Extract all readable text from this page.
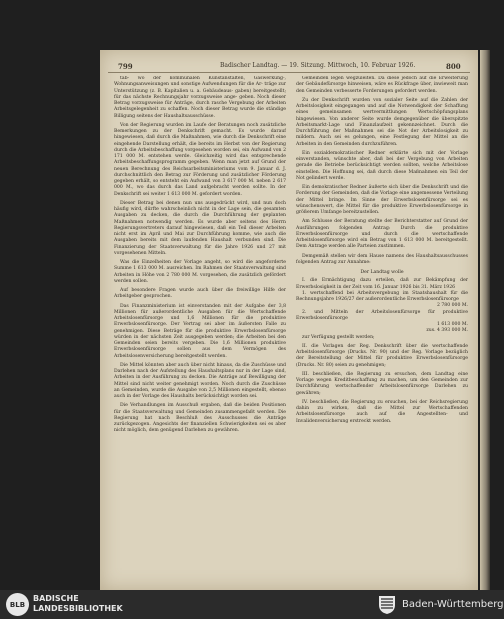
799	Badischer Landtag. — 19. Sitzung. Mittwoch, 10. Februar 1926.	800

tab- wo der kommunalen Kunstanstalten, Gaswerkung-, Wohnungsanweisungen und sonstige Aufwendungen für die Ar- träge zur Unterstützung (z. B. Kapitalien u. a. Gebäudeaus- gaben) bereitgestellt; für das nächste Rechnungsjahr vorzugsweise ange- geben. Noch dieser Betrag vorzugsweise für Anträge, durch rasche Vergebung der Arbeiten Arbeitsgelegenheit zu schaffen. Noch dieser Betrag wurde die ständige Billigung seitens der Haushaltsausschüsse.

Von der Regierung wurden im Laufe der Beratungen noch zusätzliche Bemerkungen zu der Denkschrift gemacht. Es wurde darauf hingewiesen, daß durch die Maßnahmen, wie durch die Denkschrift eine eingehende Darstellung erhält, die bereits im Herbst von der Regierung durch die Arbeitsbeschaffung vorgesehen worden sei, ein Aufwand von 2 171 000 M. entstehen werde. Gleichzeitig wird das entsprechende Arbeitsbeschaffungsprogramm gegeben. Wenn man jetzt auf Grund der neuen Berechnung des Reichsarbeitsministeriums vom 9. Januar d. J. durchschnittlich den Betrag zur Förderung und zusätzlicher Förderung gegeben erhält, so entsteht ein Aufwand von 3 617 000 M. neben 2 617 000 M., wo das durch das Land aufgebracht werden sollte. In der Denkschrift sei weiter 1 613 000 M. gefordert worden.

Dieser Betrag bei denen nun uns ausgedrückt wird, und nun doch häufig wird, dürfte wahrscheinlich nicht in der Lage sein, die gesamten Ausgaben zu decken, die durch die Durchführung der geplanten Maßnahmen notwendig werden. Es wurde aber seitens des Herrn Regierungsvertreters darauf hingewiesen, daß ein Teil dieser Arbeiten nicht erst im April und Mai zur Durchführung komme, wie auch die Ausgaben bereits mit dem laufenden Haushalt verbunden sind. Die Finanzierung der Staatsverwaltung für die Jahre 1926 und 27 mit vorgesehenen Mitteln.

Was die Einzelheiten der Vorlage angeht, so wird die angeforderte Summe 1 613 000 M. ausreichen. Im Rahmen der Staatsverwaltung sind Arbeiten in Höhe von 2 780 000 M. vorgesehen, die zusätzlich gefördert werden sollen.

Auf besondere Fragen wurde auch über die freiwillige Hilfe der Arbeitgeber gesprochen.

Das Finanzministerium ist einverstanden mit der Aufgabe der 3,8 Millionen für außerordentliche Ausgaben für die Wertschaffende Arbeitslosenfürsorge und 1,6 Millionen für die produktive Erwerbslosenfürsorge. Der Vertrag sei aber im äußersten Falle zu genehmigen. Diese Beträge für die produktive Erwerbslosenfürsorge würden in der nächsten Zeit ausgegeben werden; die Arbeiten bei den Gemeinden seien bereits vergeben. Die 1,6 Millionen produktive Erwerbslosenfürsorge sollen aus dem Vermögen des Arbeitslosenversicherung bereitgestellt werden.

Die Mittel könnten aber auch über nicht hinaus, da die Zuschüsse und Darlehen nach der Aufstellung des Haushaltsplans nur in der Lage sind, Arbeiten in der Ausführung zu decken. Die Anträge auf Bewilligung der Mittel sind nicht weiter genehmigt worden. Noch durch die Zuschüsse an Gemeinden, wurde die Ausgabe von 2,5 Millionen eingestellt, ebenso auch in der Vorlage des Haushalts berücksichtigt worden sei.

Die Verhandlungen im Ausschuß ergaben, daß die beiden Positionen für die Staatsverwaltung und Gemeinden zusammengefaßt werden. Die Regierung hat nach Beschluß des Ausschusses die Anträge zurückgezogen. Angesichts der finanziellen Schwierigkeiten sei es aber nicht möglich, dem genügend Darlehen zu gewähren.

Gemeinden legen wegzuleiten. Da diese jedoch auf die Erweiterung der Gebäudefürsorge hinweisen, wäre es Rückfrage über, inwieweit man den Gemeinden verbesserte Forderungen gefordert werden.

Zu der Denkschrift wurden von sozialer Seite auf die Zahlen der Arbeitslosigkeit eingegangen und auf die Notwendigkeit der Schaffung eines gemeinsamen wertvermittlungen Wertschöpfungsplans hingewiesen. Von anderer Seite wurde demgegenüber die überspitzte Arbeitsmarkt-Lage und Finanzlaufzeit gekennzeichnet. Durch die Durchführung der Maßnahmen sei die Not der Arbeitslosigkeit zu mildern. Auch sei es gelungen, eine Festlegung der Mittel an die Arbeiten in den Gemeinden durchzuführen.

Ein sozialdemokratischer Redner erklärte sich mit der Vorlage einverstanden, wünschte aber, daß bei der Vergebung von Arbeiten gerade die Betriebe berücksichtigt werden sollten, welche Arbeitslose einstellen. Die Hoffnung sei, daß durch diese Maßnahmen ein Teil der Not gelindert werde.

Ein demokratischer Redner äußerte sich über die Denkschrift und die Forderung der Gemeinden, daß die Vorlage eine angemessene Verteilung der Mittel bringe. Im Sinne der Erwerbslosenfürsorge sei es wünschenswert, die Mittel für die produktive Erwerbslosenfürsorge in größerem Umfange bereitzustellen.

Am Schlusse der Beratung stellte der Berichterstatter auf Grund der Ausführungen folgenden Antrag: Durch die produktive Erwerbslosenfürsorge und durch die wertschaffende Arbeitslosenfürsorge wird ein Betrag von 1 613 000 M. bereitgestellt. Dem Antrage werden alle Parteien zustimmen.

Demgemäß stellen wir dem Hause namens des Haushaltsausschusses folgenden Antrag zur Annahme:

Der Landtag wolle

I. die Ermächtigung dazu erteilen, daß zur Bekämpfung der Erwerbslosigkeit in der Zeit vom 16. Januar 1926 bis 31. März 1926

1. wertschaffend bei Arbeitsvergebung im Staatshaushalt für die Rechnungsjahre 1926/27 der außerordentliche Erwerbslosenfürsorge

2 780 000 M.

2. und Mitteln der Arbeitslosenfürsorge für produktive Erwerbslosenfürsorge

1 613 000 M.

zus. 4 393 000 M.

zur Verfügung gestellt werden;

II. die Vorlagen der Reg. Denkschrift über die wertschaffende Arbeitslosenfürsorge (Drucks. Nr. 90) und der Reg. Vorlage bezüglich der Bereitstellung der Mittel für produktive Erwerbslosenfürsorge (Drucks. Nr. 80) seien zu genehmigen;

III. beschließen, die Regierung zu ersuchen, dem Landtag eine Vorlage wegen Kreditbeschaffung zu machen, um den Gemeinden zur Durchführung wertschaffender Arbeitslosenfürsorge Darlehen zu gewähren;

IV. beschließen, die Regierung zu ersuchen, bei der Reichsregierung dahin zu wirken, daß die Mittel zur Wertschaffenden Arbeitslosenfürsorge auch auf die Angestellten- und Invalidenversicherung erstreckt werden.

BLB
BADISCHE
LANDESBIBLIOTHEK	Baden-Württemberg
